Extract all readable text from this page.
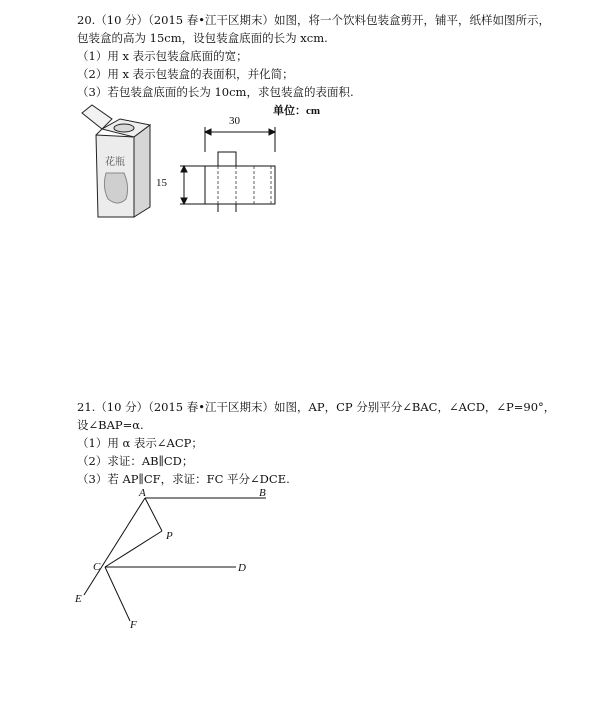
20.（10 分）（2015 春•江干区期末）如图，将一个饮料包装盒剪开，铺平，纸样如图所示，
包装盒的高为 15cm，设包装盒底面的长为 xcm.
（1）用 x 表示包装盒底面的宽；
（2）用 x 表示包装盒的表面积，并化简；
（3）若包装盒底面的长为 10cm，求包装盒的表面积.
花瓶
单位：cm
30
15
21.（10 分）（2015 春•江干区期末）如图，AP，CP 分别平分∠BAC，∠ACD，∠P=90°，
设∠BAP=α.
（1）用 α 表示∠ACP；
（2）求证：AB∥CD；
（3）若 AP∥CF，求证：FC 平分∠DCE.
A	B
P
C	D
E
F
